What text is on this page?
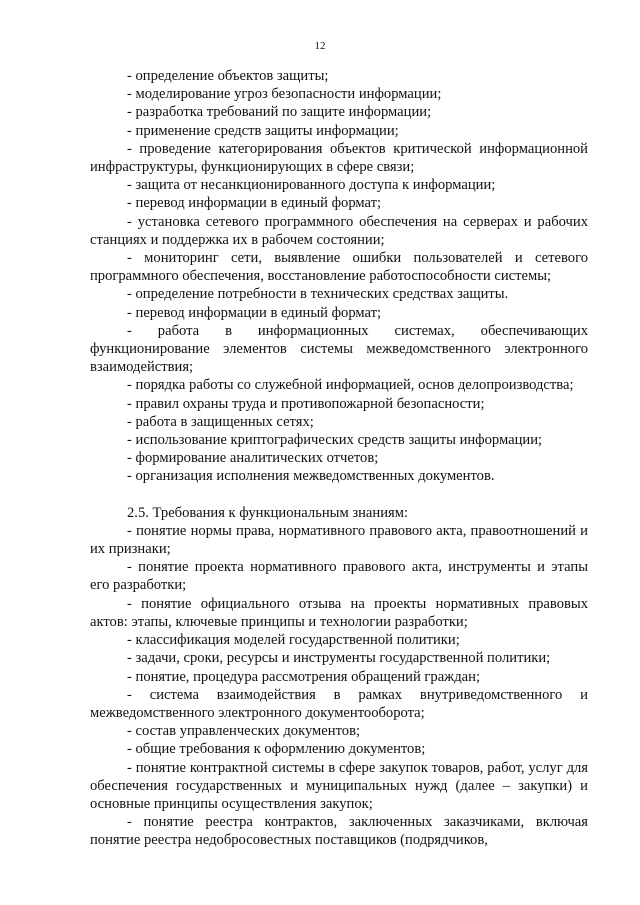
12

- определение объектов защиты;

- моделирование угроз безопасности информации;

- разработка требований по защите информации;

- применение средств защиты информации;

- проведение категорирования объектов критической информационной инфраструктуры, функционирующих в сфере связи;

- защита от несанкционированного доступа к информации;

- перевод информации в единый формат;

- установка сетевого программного обеспечения на серверах и рабочих станциях и поддержка их в рабочем состоянии;

- мониторинг сети, выявление ошибки пользователей и сетевого программного обеспечения, восстановление работоспособности системы;

- определение потребности в технических средствах защиты.

- перевод информации в единый формат;

- работа в информационных системах, обеспечивающих функционирование элементов системы межведомственного электронного взаимодействия;

- порядка работы со служебной информацией, основ делопроизводства;

- правил охраны труда и противопожарной безопасности;

- работа в защищенных сетях;

- использование криптографических средств защиты информации;

- формирование аналитических отчетов;

- организация исполнения межведомственных документов.

2.5. Требования к функциональным знаниям:

- понятие нормы права, нормативного правового акта, правоотношений и их признаки;

- понятие проекта нормативного правового акта, инструменты и этапы его разработки;

- понятие официального отзыва на проекты нормативных правовых актов: этапы, ключевые принципы и технологии разработки;

- классификация моделей государственной политики;

- задачи, сроки, ресурсы и инструменты государственной политики;

- понятие, процедура рассмотрения обращений граждан;

- система взаимодействия в рамках внутриведомственного и межведомственного электронного документооборота;

- состав управленческих документов;

- общие требования к оформлению документов;

- понятие контрактной системы в сфере закупок товаров, работ, услуг для обеспечения государственных и муниципальных нужд (далее – закупки) и основные принципы осуществления закупок;

- понятие реестра контрактов, заключенных заказчиками, включая понятие реестра недобросовестных поставщиков (подрядчиков,
